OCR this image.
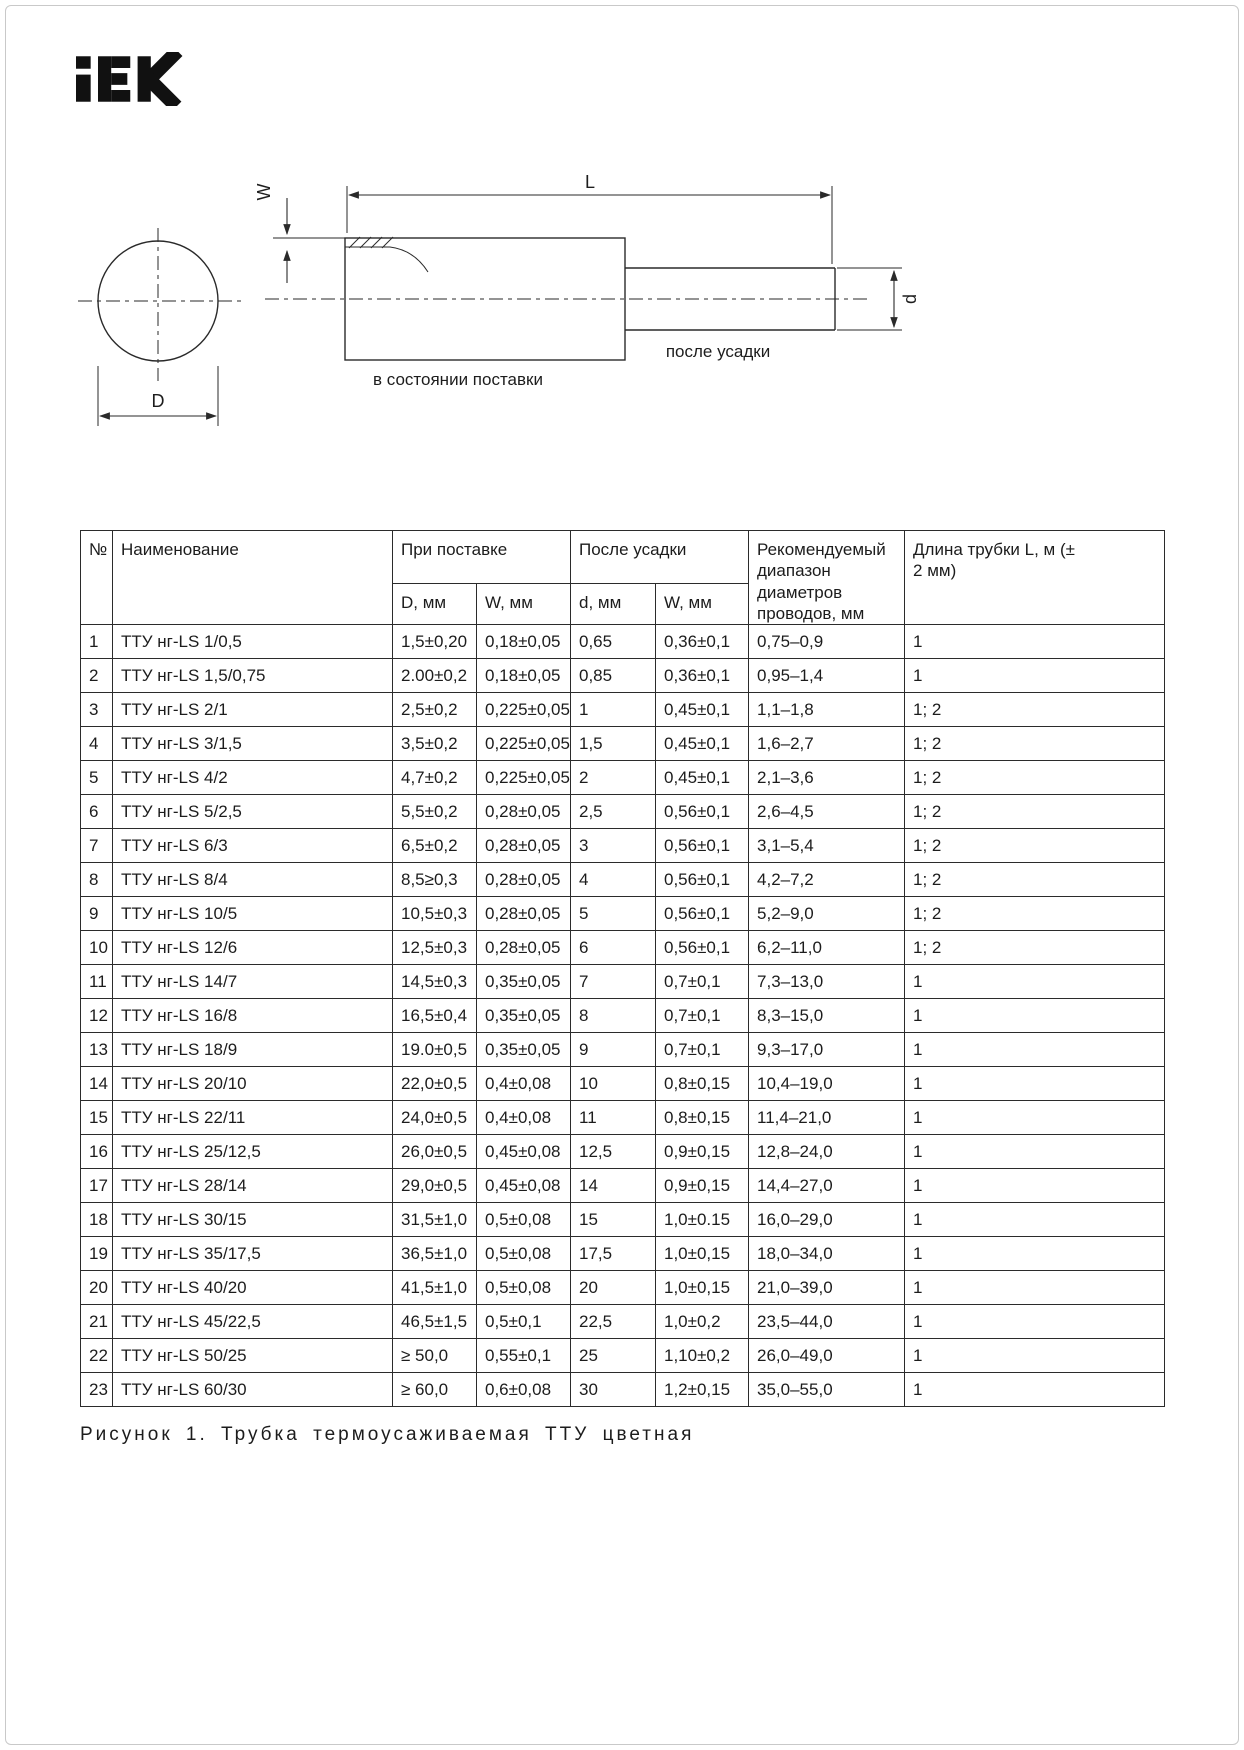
D
W	L
d
после усадки
в состоянии поставки
№	Наименование	При поставке		После усадки		Рекомендуемый диапазон диаметров проводов, мм	Длина трубки L, м (± 2 мм)
		D, мм	W, мм	d, мм	W, мм		
1	ТТУ нг-LS 1/0,5	1,5±0,20	0,18±0,05	0,65	0,36±0,1	0,75–0,9	1
2	ТТУ нг-LS 1,5/0,75	2.00±0,2	0,18±0,05	0,85	0,36±0,1	0,95–1,4	1
3	ТТУ нг-LS 2/1	2,5±0,2	0,225±0,05	1	0,45±0,1	1,1–1,8	1; 2
4	ТТУ нг-LS 3/1,5	3,5±0,2	0,225±0,05	1,5	0,45±0,1	1,6–2,7	1; 2
5	ТТУ нг-LS 4/2	4,7±0,2	0,225±0,05	2	0,45±0,1	2,1–3,6	1; 2
6	ТТУ нг-LS 5/2,5	5,5±0,2	0,28±0,05	2,5	0,56±0,1	2,6–4,5	1; 2
7	ТТУ нг-LS 6/3	6,5±0,2	0,28±0,05	3	0,56±0,1	3,1–5,4	1; 2
8	ТТУ нг-LS 8/4	8,5≥0,3	0,28±0,05	4	0,56±0,1	4,2–7,2	1; 2
9	ТТУ нг-LS 10/5	10,5±0,3	0,28±0,05	5	0,56±0,1	5,2–9,0	1; 2
10	ТТУ нг-LS 12/6	12,5±0,3	0,28±0,05	6	0,56±0,1	6,2–11,0	1; 2
11	ТТУ нг-LS 14/7	14,5±0,3	0,35±0,05	7	0,7±0,1	7,3–13,0	1
12	ТТУ нг-LS 16/8	16,5±0,4	0,35±0,05	8	0,7±0,1	8,3–15,0	1
13	ТТУ нг-LS 18/9	19.0±0,5	0,35±0,05	9	0,7±0,1	9,3–17,0	1
14	ТТУ нг-LS 20/10	22,0±0,5	0,4±0,08	10	0,8±0,15	10,4–19,0	1
15	ТТУ нг-LS 22/11	24,0±0,5	0,4±0,08	11	0,8±0,15	11,4–21,0	1
16	ТТУ нг-LS 25/12,5	26,0±0,5	0,45±0,08	12,5	0,9±0,15	12,8–24,0	1
17	ТТУ нг-LS 28/14	29,0±0,5	0,45±0,08	14	0,9±0,15	14,4–27,0	1
18	ТТУ нг-LS 30/15	31,5±1,0	0,5±0,08	15	1,0±0.15	16,0–29,0	1
19	ТТУ нг-LS 35/17,5	36,5±1,0	0,5±0,08	17,5	1,0±0,15	18,0–34,0	1
20	ТТУ нг-LS 40/20	41,5±1,0	0,5±0,08	20	1,0±0,15	21,0–39,0	1
21	ТТУ нг-LS 45/22,5	46,5±1,5	0,5±0,1	22,5	1,0±0,2	23,5–44,0	1
22	ТТУ нг-LS 50/25	≥ 50,0	0,55±0,1	25	1,10±0,2	26,0–49,0	1
23	ТТУ нг-LS 60/30	≥ 60,0	0,6±0,08	30	1,2±0,15	35,0–55,0	1
Рисунок 1. Трубка термоусаживаемая ТТУ цветная
